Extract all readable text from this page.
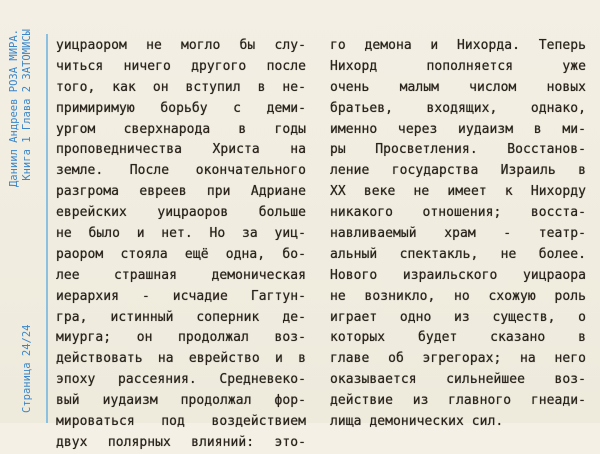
Даниил Андреев РОЗА МИРА.
Страница 24/24
Книга 1 Глава 2 ЗАТОМИСЫ уицраором не могло бы слу-
читься ничего другого после
того, как он вступил в не-
примиримую борьбу с деми-
ургом сверхнарода в годы
проповедничества Христа на
земле. После окончательного
разгрома евреев при Адриане
еврейских уицраоров больше
не было и нет. Но за уиц-
раором стояла ещё одна, бо-
лее страшная демоническая
иерархия - исчадие Гагтун-
гра, истинный соперник де-
миурга; он продолжал воз-
действовать на еврейство и в
эпоху рассеяния. Средневеко-
вый иудаизм продолжал фор-
мироваться под воздействием
двух полярных влияний: это-
го демона и Нихорда. Теперь
Нихорд пополняется уже
очень малым числом новых
братьев, входящих, однако,
именно через иудаизм в ми-
ры Просветления. Восстанов-
ление государства Израиль в
XX веке не имеет к Нихорду
никакого отношения; восста-
навливаемый храм - театр-
альный спектакль, не более.
Нового израильского уицраора
не возникло, но схожую роль
играет одно из существ, о
которых будет сказано в
главе об эгрегорах; на него
оказывается сильнейшее воз-
действие из главного гнеади-
лища демонических сил.
